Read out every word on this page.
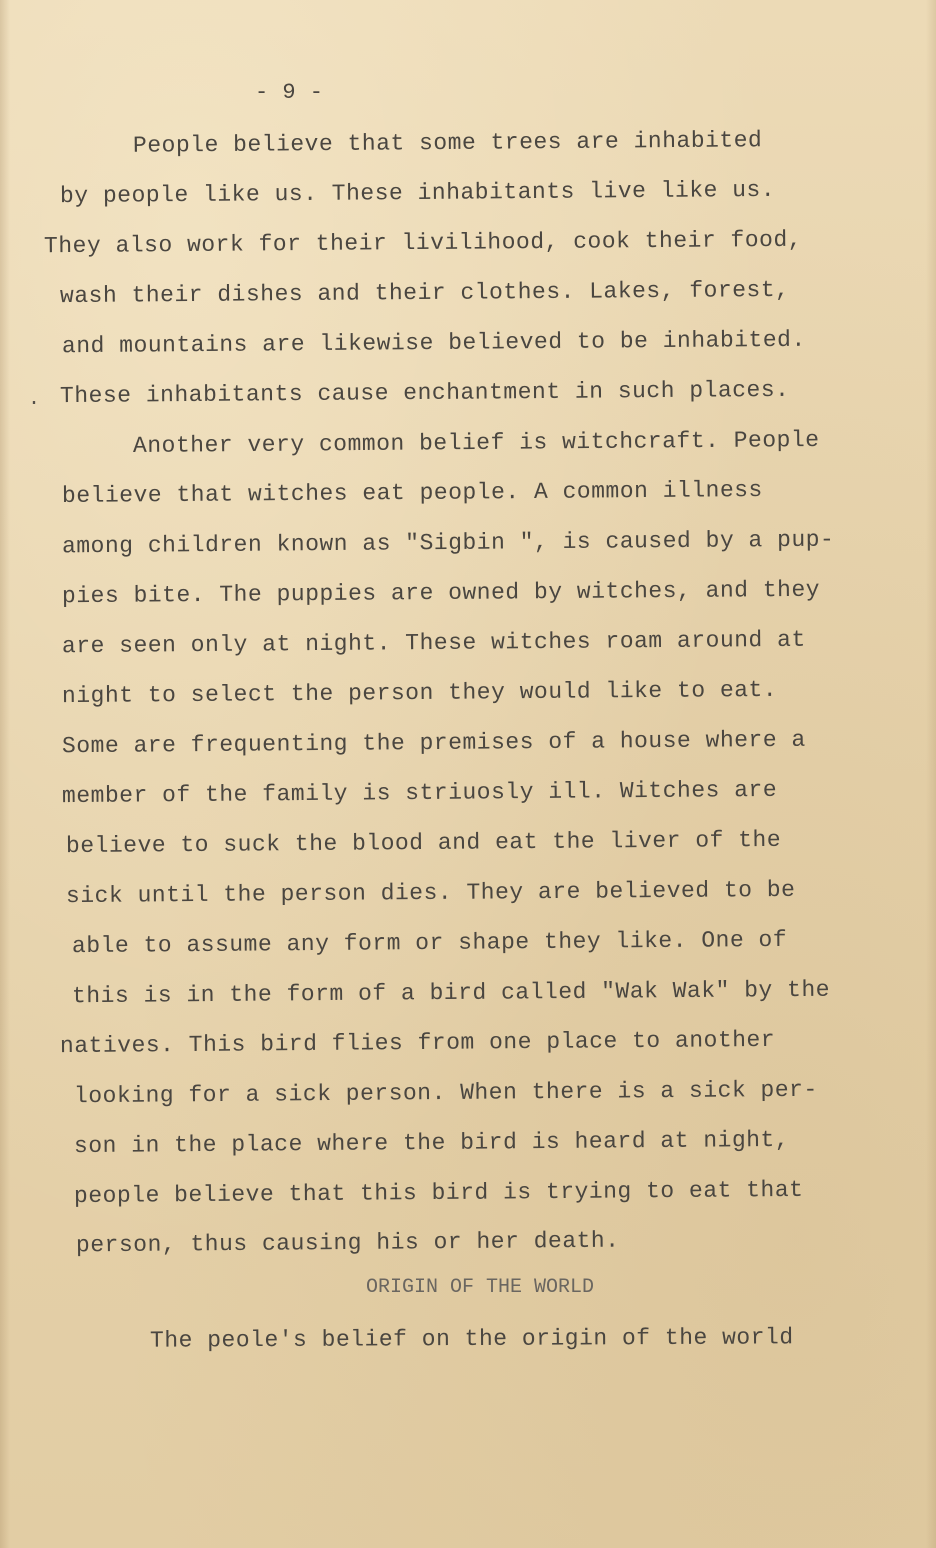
- 9 -
People believe that some trees are inhabited
by people like us. These inhabitants live like us.
They also work for their livilihood, cook their food,
wash their dishes and their clothes. Lakes, forest,
and mountains are likewise believed to be inhabited.
. These inhabitants cause enchantment in such places.
Another very common belief is witchcraft. People
believe that witches eat people. A common illness
among children known as "Sigbin ", is caused by a pup-
pies bite. The puppies are owned by witches, and they
are seen only at night. These witches roam around at
night to select the person they would like to eat.
Some are frequenting the premises of a house where a
member of the family is striuosly ill. Witches are
believe to suck the blood and eat the liver of the
sick until the person dies. They are believed to be
able to assume any form or shape they like. One of
this is in the form of a bird called "Wak Wak" by the
natives. This bird flies from one place to another
looking for a sick person. When there is a sick per-
son in the place where the bird is heard at night,
people believe that this bird is trying to eat that
person, thus causing his or her death.
ORIGIN OF THE WORLD
The peole's belief on the origin of the world
